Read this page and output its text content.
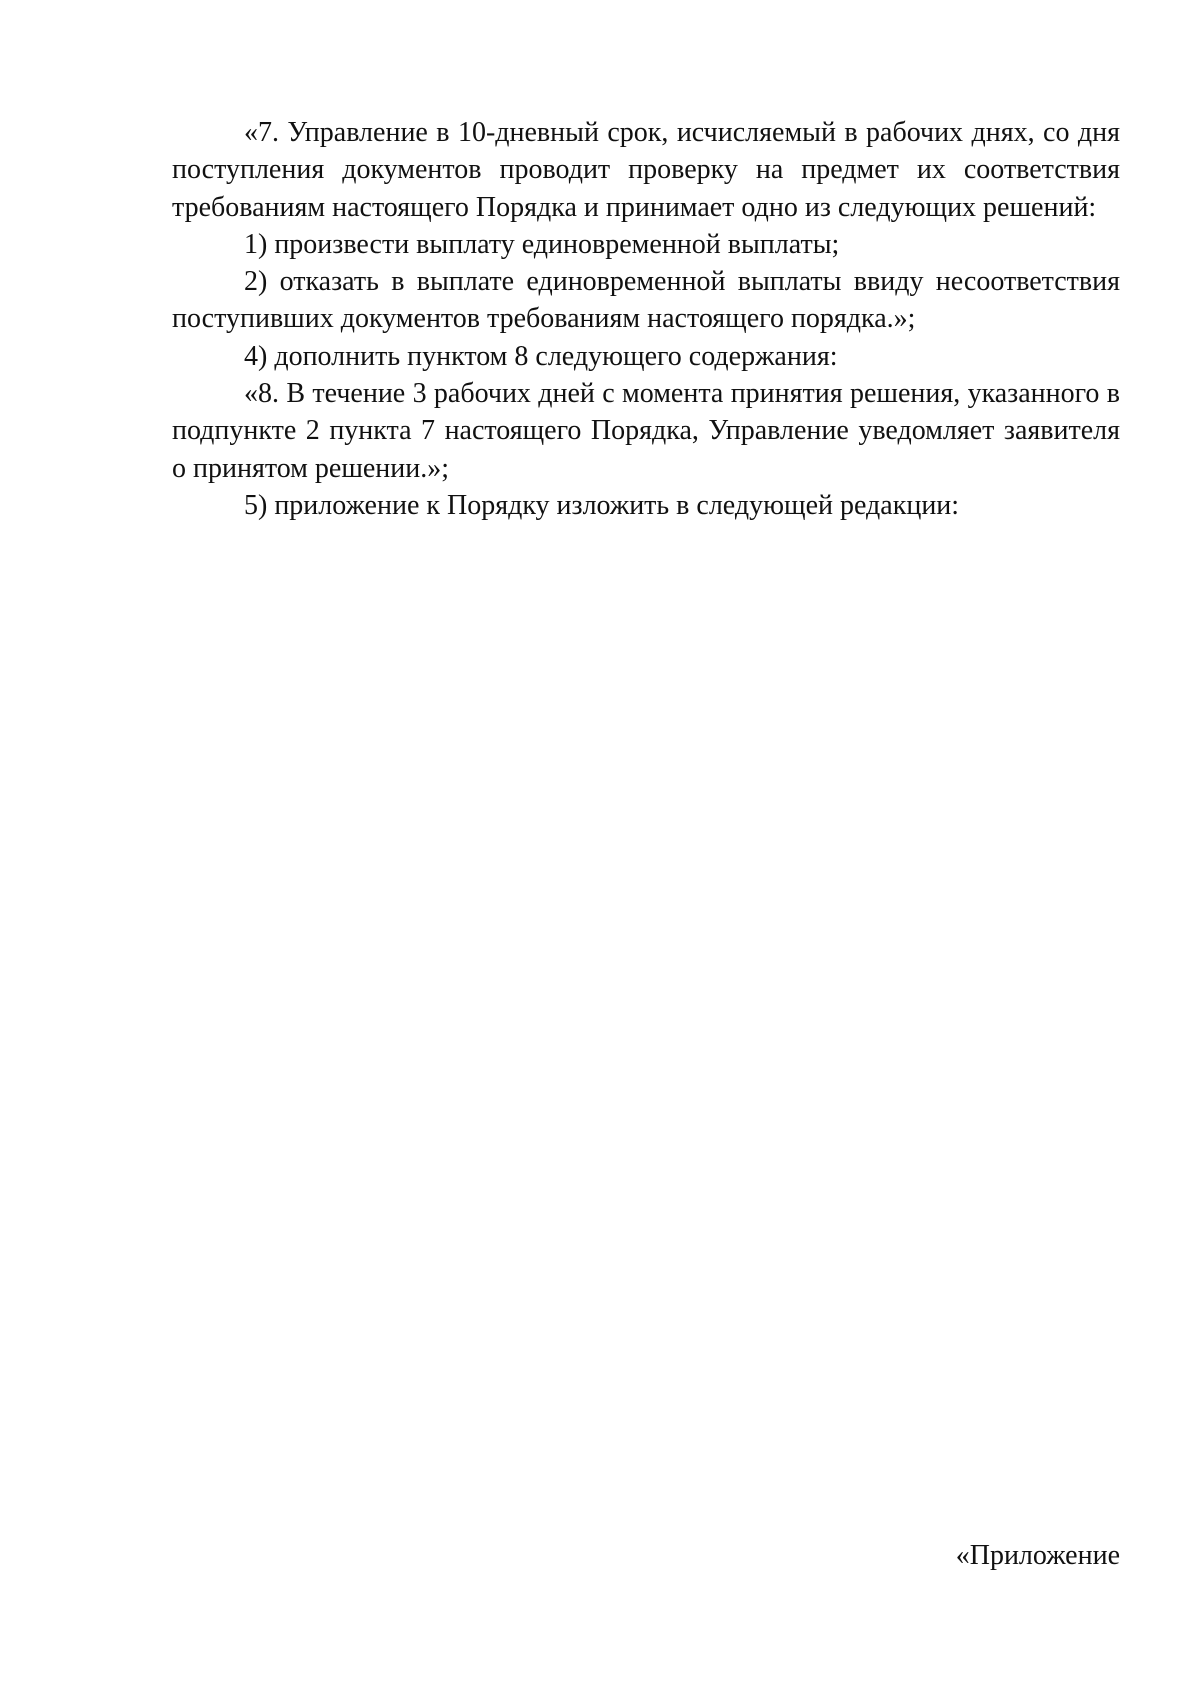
«7. Управление в 10-дневный срок, исчисляемый в рабочих днях, со дня поступления документов проводит проверку на предмет их соответствия требованиям настоящего Порядка и принимает одно из следующих решений:

1) произвести выплату единовременной выплаты;

2) отказать в выплате единовременной выплаты ввиду несоответствия поступивших документов требованиям настоящего порядка.»;

4) дополнить пунктом 8 следующего содержания:

«8. В течение 3 рабочих дней с момента принятия решения, указанного в подпункте 2 пункта 7 настоящего Порядка, Управление уведомляет заявителя о принятом решении.»;

5) приложение к Порядку изложить в следующей редакции:

«Приложение
